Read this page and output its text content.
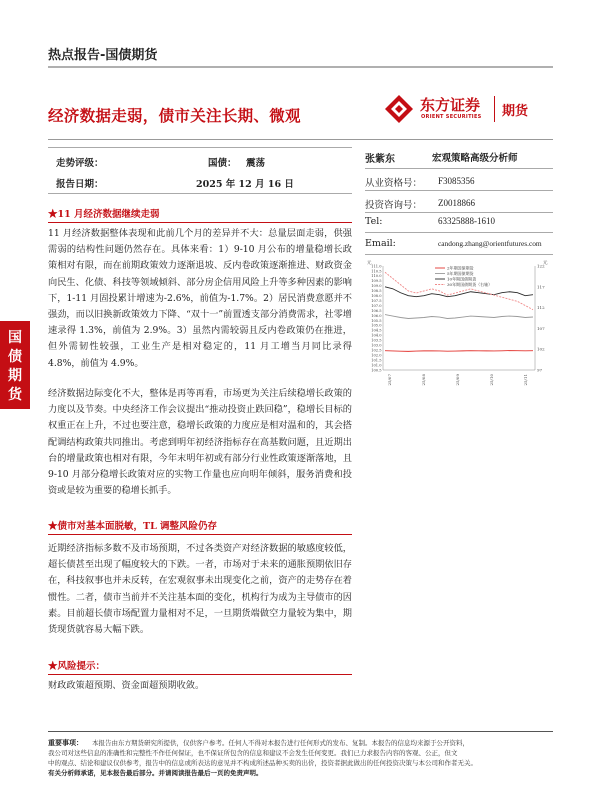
热点报告-国债期货
经济数据走弱，债市关注长期、微观
东方证券
ORIENT SECURITIES 期货
国
债
期
货
走势评级：	国债： 震荡
报告日期：	2025 年 12 月 16 日
★11 月经济数据继续走弱
11 月经济数据整体表现和此前几个月的差异并不大：总量层面走弱，供强需弱的结构性问题仍然存在。具体来看：1）9-10 月公布的增量稳增长政策相对有限，而在前期政策效力逐渐退坡、反内卷政策逐渐推进、财政资金向民生、化债、科技等领域倾斜、部分房企信用风险上升等多种因素的影响下，1-11 月固投累计增速为-2.6%，前值为-1.7%。2）居民消费意愿并不强劲，而以旧换新政策效力下降、“双十一”前置透支部分消费需求，社零增速录得 1.3%，前值为 2.9%。3）虽然内需较弱且反内卷政策仍在推进，但外需韧性较强，工业生产是相对稳定的，11 月工增当月同比录得 4.8%，前值为 4.9%。
经济数据边际变化不大，整体是再等再看，市场更为关注后续稳增长政策的力度以及节奏。中央经济工作会议提出“推动投资止跌回稳”，稳增长目标的权重正在上升，不过也要注意，稳增长政策的力度应是相对温和的，其会搭配调结构政策共同推出。考虑到明年初经济指标存在高基数问题，且近期出台的增量政策也相对有限，今年末明年初或有部分行业性政策逐渐落地，且 9-10 月部分稳增长政策对应的实物工作量也应向明年倾斜，服务消费和投资或是较为重要的稳增长抓手。
★债市对基本面脱敏，TL 调整风险仍存
近期经济指标多数不及市场预期，不过各类资产对经济数据的敏感度较低，超长债甚至出现了幅度较大的下跌。一者，市场对于未来的通胀预期依旧存在，科技叙事也并未反转，在宏观叙事未出现变化之前，资产的走势存在着惯性。二者，债市当前并不关注基本面的变化，机构行为成为主导债市的因素。目前超长债市场配置力量相对不足，一旦期货端做空力量较为集中，期货现货就容易大幅下跌。
★风险提示：
财政政策超预期、资金面超预期收敛。
张紫东	宏观策略高级分析师
从业资格号： F3085356
投资咨询号： Z0018866
Tel:	63325888-1610
Email:	candong.zhang@orientfutures.com
元	元
111.0
110.5
110.0
109.5
109.0
108.5
108.0
107.5
107.0
106.5
106.0
105.5
105.0
104.5
104.0
103.5
103.0
102.5
102.0
101.5
101.0
100.5
122
117
112
107
102
97
25/07	25/08	25/09	25/10	25/11
2年期国债期货
5年期国债期货
10年期国债期货
30年期国债期货（右轴）
重要事项：	本报告由东方期货研究所提供，仅供客户参考。任何人不得对本报告进行任何形式的发布、复制。本报告的信息均来源于公开资料，
我公司对这些信息的准确性和完整性不作任何保证，也不保证所包含的信息和建议不会发生任何变更。我们已力求报告内容的客观、公正，但文
中的观点、结论和建议仅供参考，报告中的信息或所表达的意见并不构成所述品种买卖的出价，投资者据此做出的任何投资决策与本公司和作者无关。
有关分析师承诺，见本报告最后部分。并请阅读报告最后一页的免责声明。
